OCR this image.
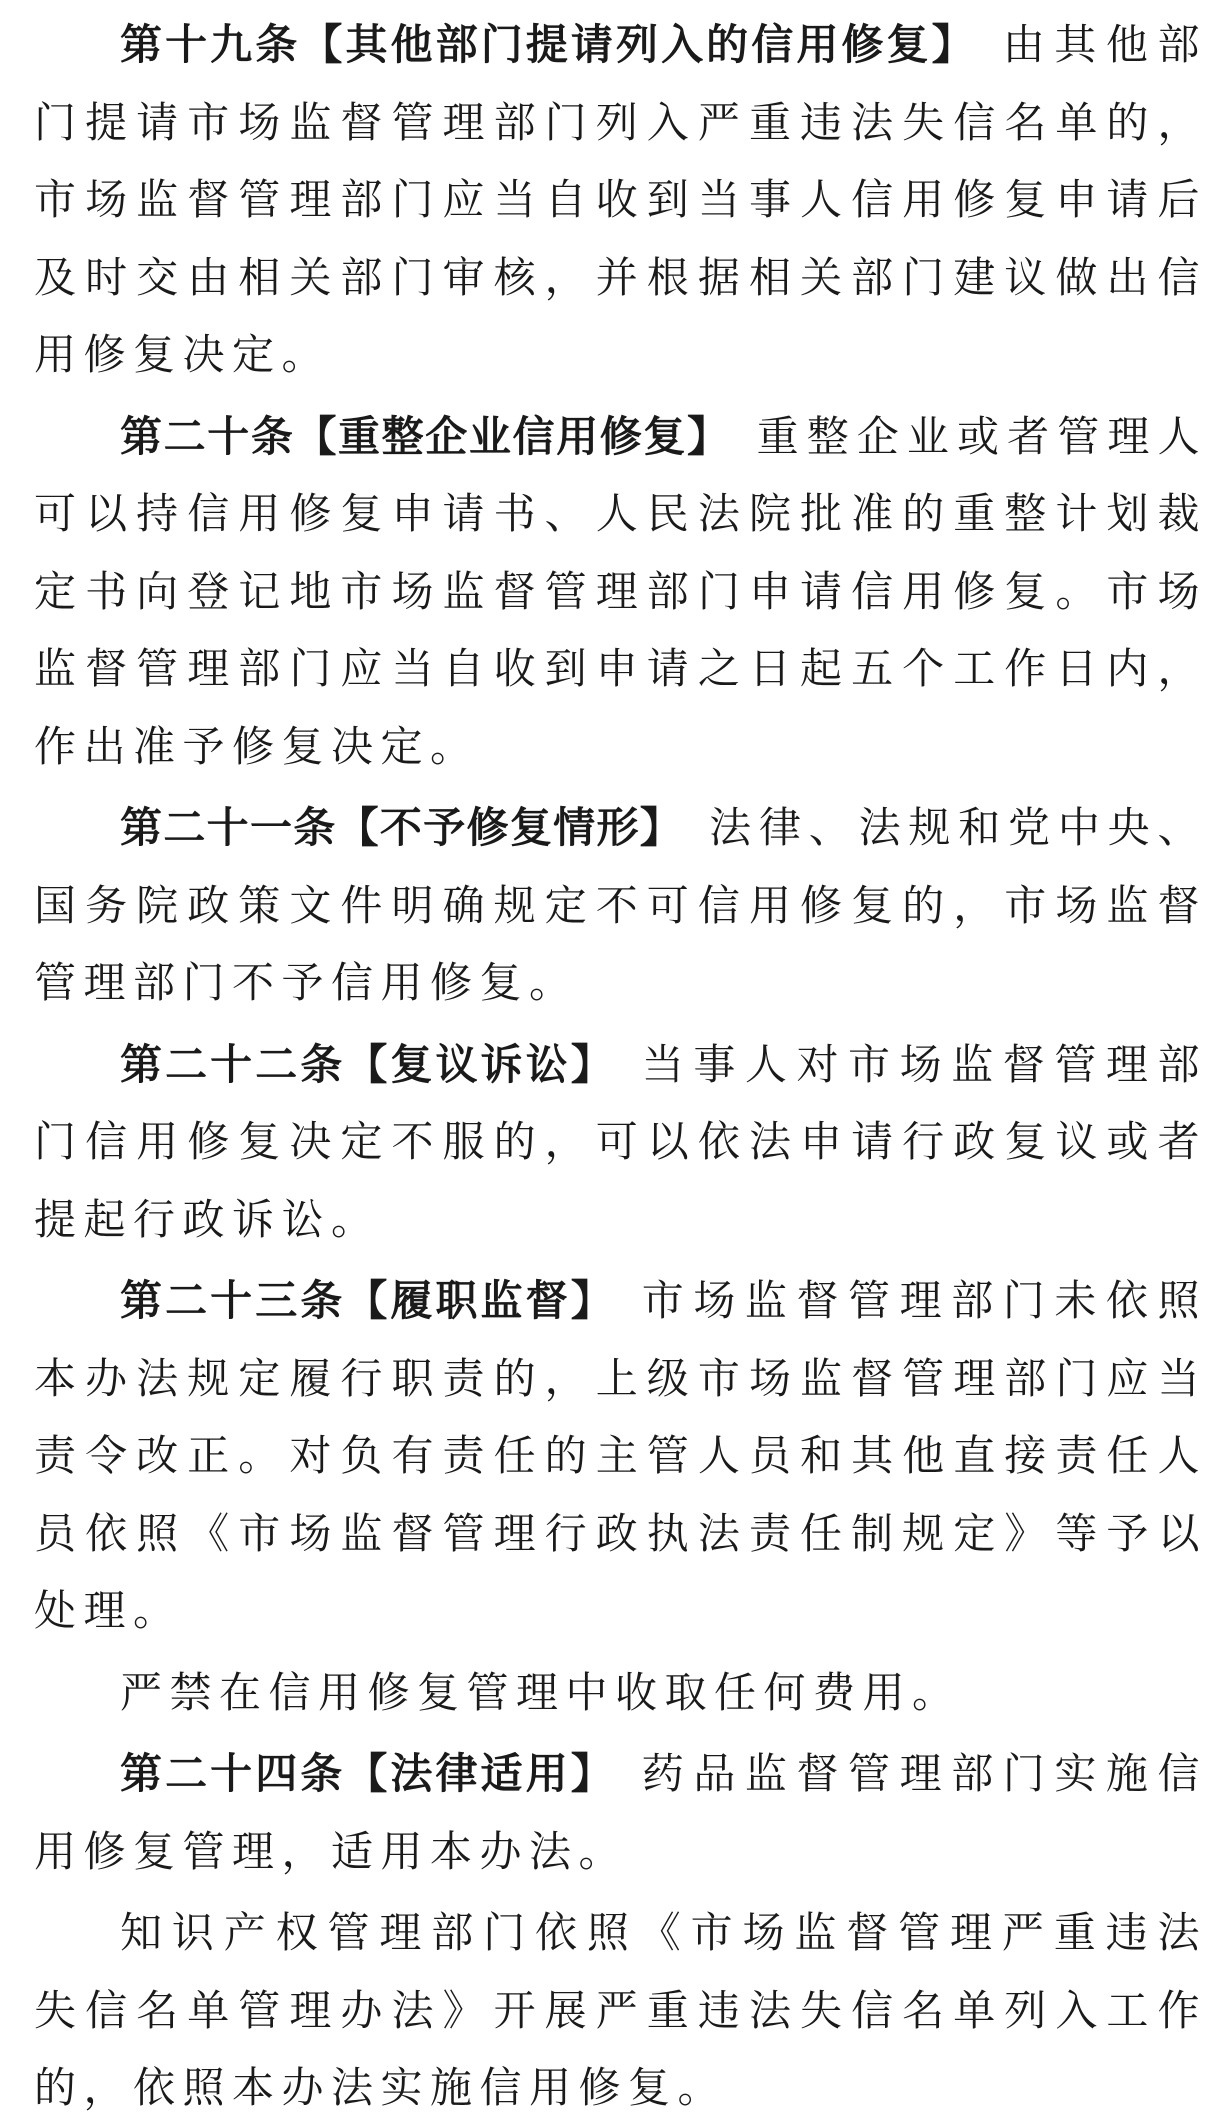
第十九条【其他部门提请列入的信用修复】 由其他部门提请市场监督管理部门列入严重违法失信名单的，市场监督管理部门应当自收到当事人信用修复申请后及时交由相关部门审核，并根据相关部门建议做出信用修复决定。

第二十条【重整企业信用修复】 重整企业或者管理人可以持信用修复申请书、人民法院批准的重整计划裁定书向登记地市场监督管理部门申请信用修复。市场监督管理部门应当自收到申请之日起五个工作日内，作出准予修复决定。

第二十一条【不予修复情形】 法律、法规和党中央、国务院政策文件明确规定不可信用修复的，市场监督管理部门不予信用修复。

第二十二条【复议诉讼】 当事人对市场监督管理部门信用修复决定不服的，可以依法申请行政复议或者提起行政诉讼。

第二十三条【履职监督】 市场监督管理部门未依照本办法规定履行职责的，上级市场监督管理部门应当责令改正。对负有责任的主管人员和其他直接责任人员依照《市场监督管理行政执法责任制规定》等予以处理。

严禁在信用修复管理中收取任何费用。

第二十四条【法律适用】 药品监督管理部门实施信用修复管理，适用本办法。

知识产权管理部门依照《市场监督管理严重违法失信名单管理办法》开展严重违法失信名单列入工作的，依照本办法实施信用修复。
